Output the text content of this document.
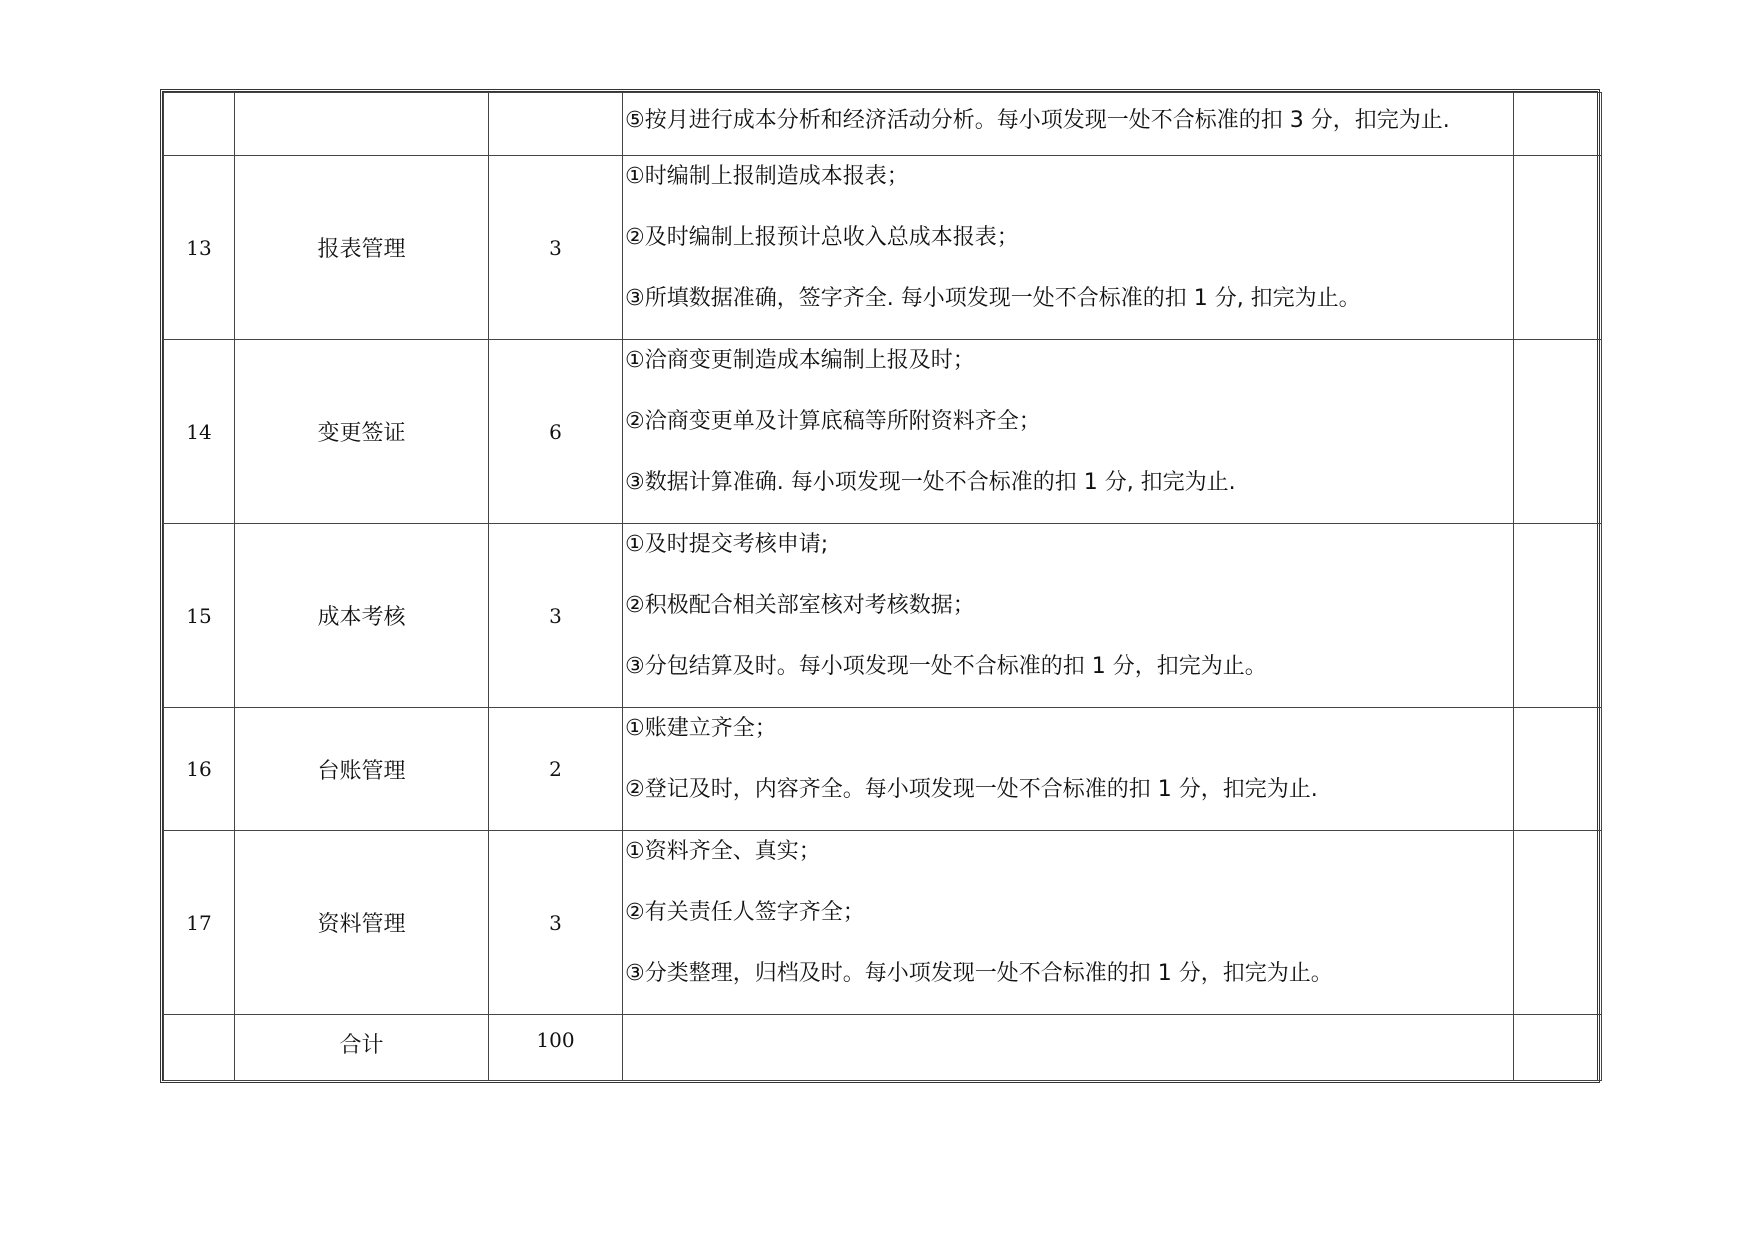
			⑤按月进行成本分析和经济活动分析。每小项发现一处不合标准的扣 3 分，扣完为止.	

13	报表管理	3	①时编制上报制造成本报表；
②及时编制上报预计总收入总成本报表；
③所填数据准确，签字齐全. 每小项发现一处不合标准的扣 1 分, 扣完为止。	

14	变更签证	6	①洽商变更制造成本编制上报及时；
②洽商变更单及计算底稿等所附资料齐全；
③数据计算准确. 每小项发现一处不合标准的扣 1 分, 扣完为止.	

15	成本考核	3	①及时提交考核申请;
②积极配合相关部室核对考核数据；
③分包结算及时。每小项发现一处不合标准的扣 1 分，扣完为止。	

16	台账管理	2	①账建立齐全；
②登记及时，内容齐全。每小项发现一处不合标准的扣 1 分，扣完为止.	

17	资料管理	3	①资料齐全、真实；
②有关责任人签字齐全；
③分类整理，归档及时。每小项发现一处不合标准的扣 1 分，扣完为止。	

	合计	100		
